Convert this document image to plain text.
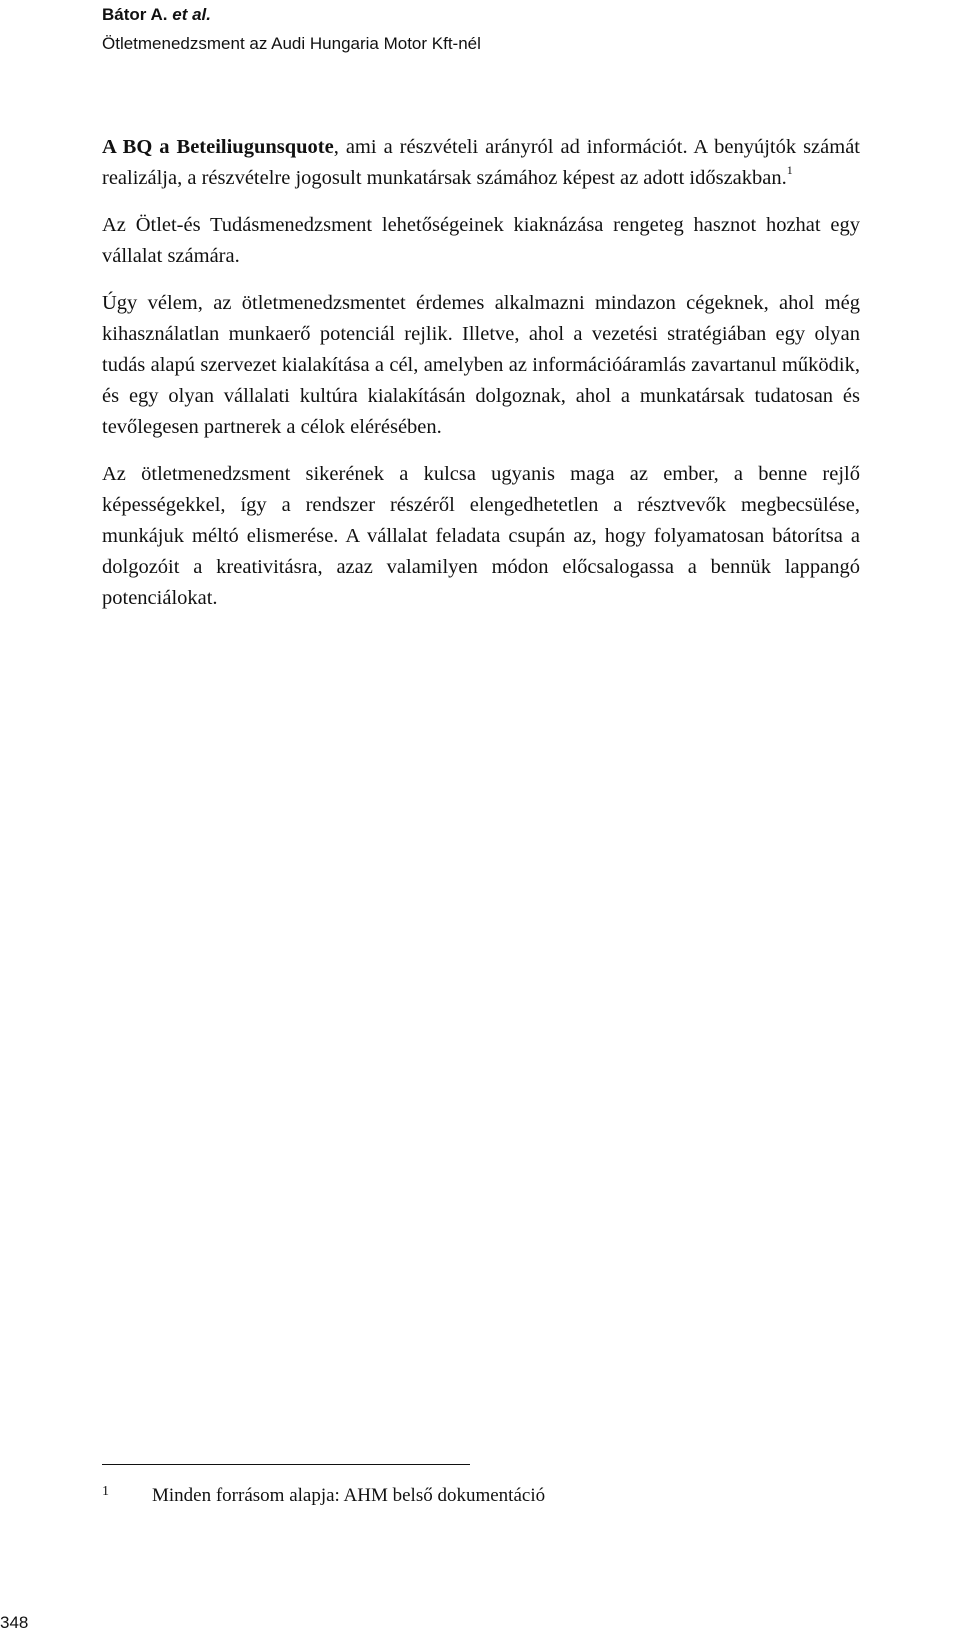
Bátor A. et al.
Ötletmenedzsment az Audi Hungaria Motor Kft-nél

A BQ a Beteiliugunsquote, ami a részvételi arányról ad információt. A benyújtók számát realizálja, a részvételre jogosult munkatársak számához képest az adott időszakban.$^1$

Az Ötlet-és Tudásmenedzsment lehetőségeinek kiaknázása rengeteg hasznot hozhat egy vállalat számára.

Úgy vélem, az ötletmenedzsmentet érdemes alkalmazni mindazon cégeknek, ahol még kihasználatlan munkaerő potenciál rejlik. Illetve, ahol a vezetési stratégiában egy olyan tudás alapú szervezet kialakítása a cél, amelyben az információáramlás zavartanul működik, és egy olyan vállalati kultúra kialakításán dolgoznak, ahol a munkatársak tudatosan és tevőlegesen partnerek a célok elérésében.

Az ötletmenedzsment sikerének a kulcsa ugyanis maga az ember, a benne rejlő képességekkel, így a rendszer részéről elengedhetetlen a résztvevők megbecsülése, munkájuk méltó elismerése. A vállalat feladata csupán az, hogy folyamatosan bátorítsa a dolgozóit a kreativitásra, azaz valamilyen módon előcsalogassa a bennük lappangó potenciálokat.

1 Minden forrásom alapja: AHM belső dokumentáció
348
